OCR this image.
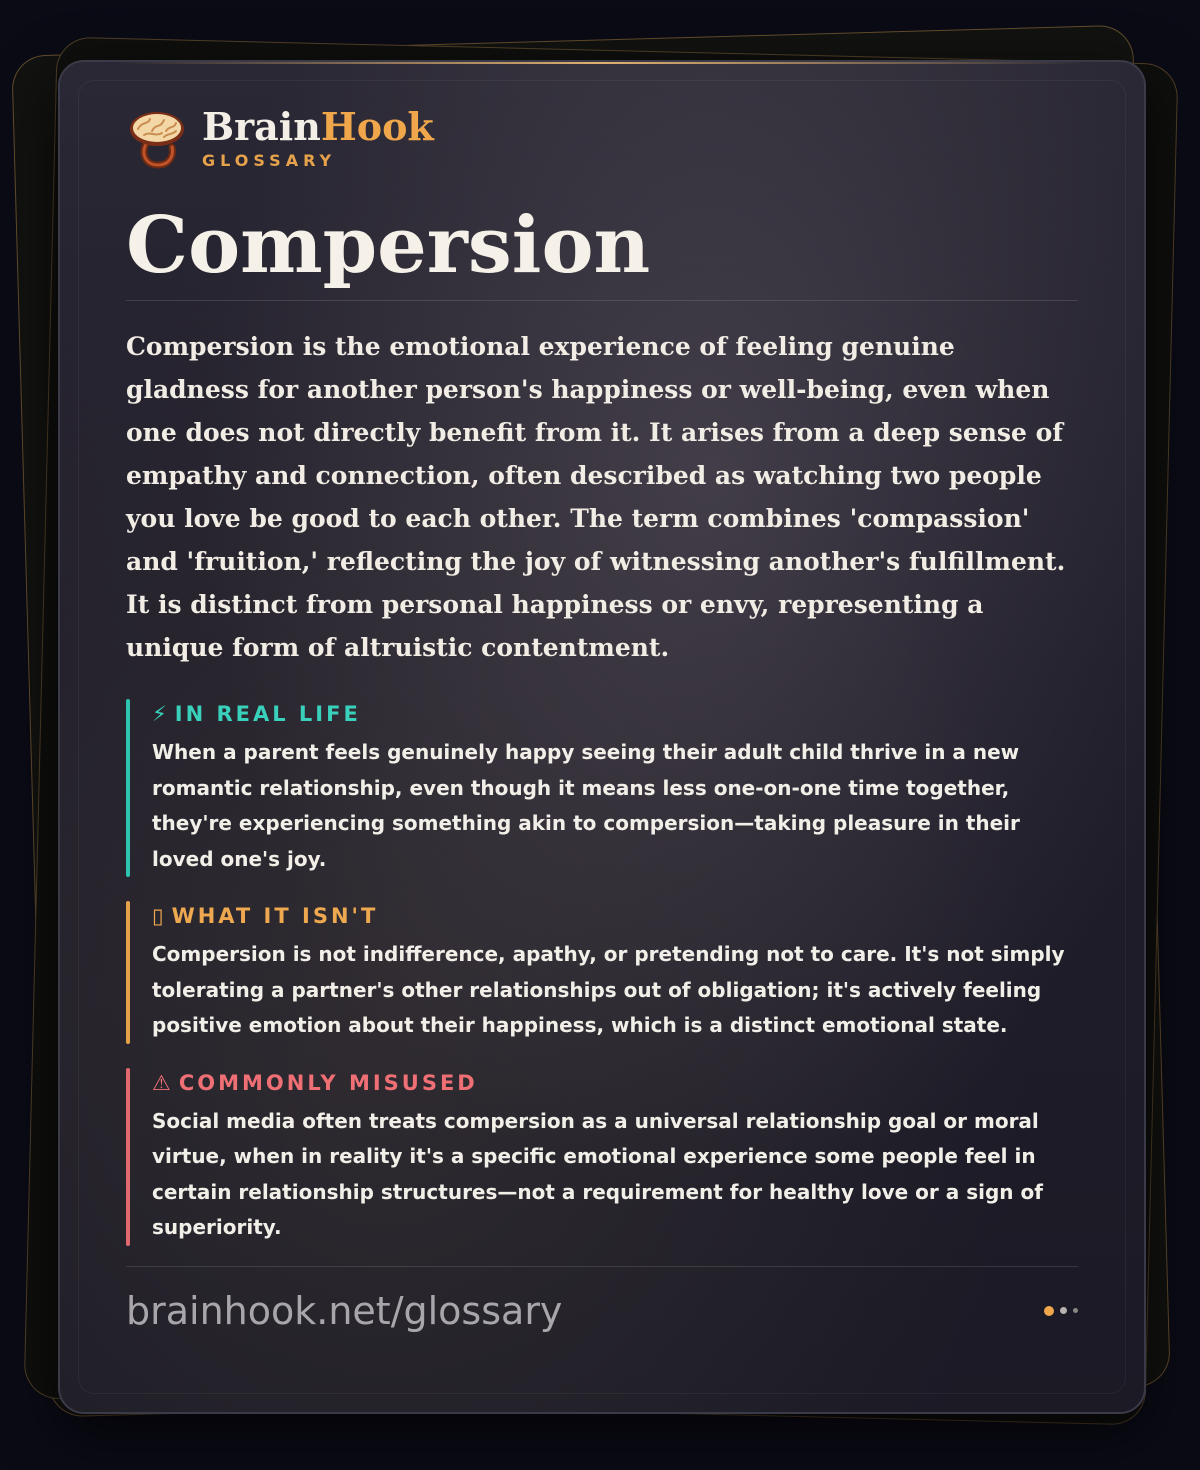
BrainHook
GLOSSARY
Compersion
Compersion is the emotional experience of feeling genuine gladness for another person's happiness or well-being, even when one does not directly benefit from it. It arises from a deep sense of empathy and connection, often described as watching two people you love be good to each other. The term combines 'compassion' and 'fruition,' reflecting the joy of witnessing another's fulfillment. It is distinct from personal happiness or envy, representing a unique form of altruistic contentment.
⚡ IN REAL LIFE
When a parent feels genuinely happy seeing their adult child thrive in a new romantic relationship, even though it means less one-on-one time together, they're experiencing something akin to compersion—taking pleasure in their loved one's joy.
▯ WHAT IT ISN'T
Compersion is not indifference, apathy, or pretending not to care. It's not simply tolerating a partner's other relationships out of obligation; it's actively feeling positive emotion about their happiness, which is a distinct emotional state.
⚠ COMMONLY MISUSED
Social media often treats compersion as a universal relationship goal or moral virtue, when in reality it's a specific emotional experience some people feel in certain relationship structures—not a requirement for healthy love or a sign of superiority.
brainhook.net/glossary
